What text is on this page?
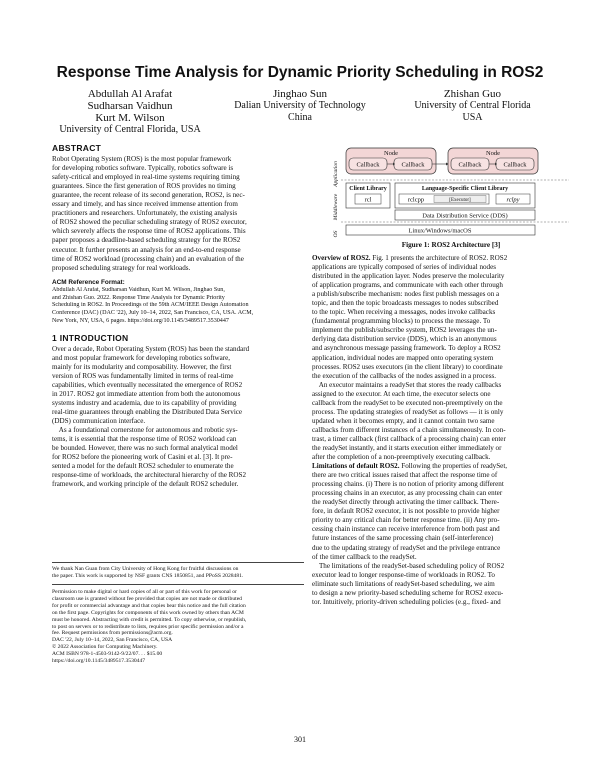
Response Time Analysis for Dynamic Priority Scheduling in ROS2
Abdullah Al Arafat
Sudharsan Vaidhun
Kurt M. Wilson
University of Central Florida, USA
Jinghao Sun
Dalian University of Technology
China
Zhishan Guo
University of Central Florida
USA
ABSTRACT
Robot Operating System (ROS) is the most popular framework
for developing robotics software. Typically, robotics software is
safety-critical and employed in real-time systems requiring timing
guarantees. Since the first generation of ROS provides no timing
guarantee, the recent release of its second generation, ROS2, is nec-
essary and timely, and has since received immense attention from
practitioners and researchers. Unfortunately, the existing analysis
of ROS2 showed the peculiar scheduling strategy of ROS2 executor,
which severely affects the response time of ROS2 applications. This
paper proposes a deadline-based scheduling strategy for the ROS2
executor. It further presents an analysis for an end-to-end response
time of ROS2 workload (processing chain) and an evaluation of the
proposed scheduling strategy for real workloads.
ACM Reference Format:
Abdullah Al Arafat, Sudharsan Vaidhun, Kurt M. Wilson, Jinghao Sun,
and Zhishan Guo. 2022. Response Time Analysis for Dynamic Priority
Scheduling in ROS2. In Proceedings of the 59th ACM/IEEE Design Automation
Conference (DAC) (DAC '22), July 10–14, 2022, San Francisco, CA, USA. ACM,
New York, NY, USA, 6 pages. https://doi.org/10.1145/3489517.3530447
1 INTRODUCTION
Over a decade, Robot Operating System (ROS) has been the standard
and most popular framework for developing robotics software,
mainly for its modularity and composability. However, the first
version of ROS was fundamentally limited in terms of real-time
capabilities, which eventually necessitated the emergence of ROS2
in 2017. ROS2 got immediate attention from both the autonomous
systems industry and academia, due to its capability of providing
real-time guarantees through enabling the Distributed Data Service
(DDS) communication interface.
As a foundational cornerstone for autonomous and robotic sys-
tems, it is essential that the response time of ROS2 workload can
be bounded. However, there was no such formal analytical model
for ROS2 before the pioneering work of Casini et al. [3]. It pre-
sented a model for the default ROS2 scheduler to enumerate the
response-time of workloads, the architectural hierarchy of the ROS2
framework, and working principle of the default ROS2 scheduler.
We thank Nan Guan from City University of Hong Kong for fruitful discussions on
the paper. This work is supported by NSF grants CNS 1850851, and PPoSS 2028481.
Permission to make digital or hard copies of all or part of this work for personal or
classroom use is granted without fee provided that copies are not made or distributed
for profit or commercial advantage and that copies bear this notice and the full citation
on the first page. Copyrights for components of this work owned by others than ACM
must be honored. Abstracting with credit is permitted. To copy otherwise, or republish,
to post on servers or to redistribute to lists, requires prior specific permission and/or a
fee. Request permissions from permissions@acm.org.
DAC '22, July 10–14, 2022, San Francisco, CA, USA
© 2022 Association for Computing Machinery.
ACM ISBN 978-1-4503-9142-9/22/07. . . $15.00
https://doi.org/10.1145/3489517.3530447
Application
Middleware
OS
Node
Callback	Callback
Node
Callback	Callback
Client Library
rcl
Language-Specific Client Library
rclcpp	[Executor]	rclpy
Data Distribution Service (DDS)
Linux/Windows/macOS
Figure 1: ROS2 Architecture [3]
Overview of ROS2. Fig. 1 presents the architecture of ROS2. ROS2
applications are typically composed of series of individual nodes
distributed in the application layer. Nodes preserve the molecularity
of application programs, and communicate with each other through
a publish/subscribe mechanism: nodes first publish messages on a
topic, and then the topic broadcasts messages to nodes subscribed
to the topic. When receiving a messages, nodes invoke callbacks
(fundamental programming blocks) to process the message. To
implement the publish/subscribe system, ROS2 leverages the un-
derlying data distribution service (DDS), which is an anonymous
and asynchronous message passing framework. To deploy a ROS2
application, individual nodes are mapped onto operating system
processes. ROS2 uses executors (in the client library) to coordinate
the execution of the callbacks of the nodes assigned in a process.
An executor maintains a readySet that stores the ready callbacks
assigned to the executor. At each time, the executor selects one
callback from the readySet to be executed non-preemptively on the
process. The updating strategies of readySet as follows — it is only
updated when it becomes empty, and it cannot contain two same
callbacks from different instances of a chain simultaneously. In con-
trast, a timer callback (first callback of a processing chain) can enter
the readySet instantly, and it starts execution either immediately or
after the completion of a non-preemptively executing callback.
Limitations of default ROS2. Following the properties of readySet,
there are two critical issues raised that affect the response time of
processing chains. (i) There is no notion of priority among different
processing chains in an executor, as any processing chain can enter
the readySet directly through activating the timer callback. There-
fore, in default ROS2 executor, it is not possible to provide higher
priority to any critical chain for better response time. (ii) Any pro-
cessing chain instance can receive interference from both past and
future instances of the same processing chain (self-interference)
due to the updating strategy of readySet and the privilege entrance
of the timer callback to the readySet.
The limitations of the readySet-based scheduling policy of ROS2
executor lead to longer response-time of workloads in ROS2. To
eliminate such limitations of readySet-based scheduling, we aim
to design a new priority-based scheduling scheme for ROS2 execu-
tor. Intuitively, priority-driven scheduling policies (e.g., fixed- and
301
